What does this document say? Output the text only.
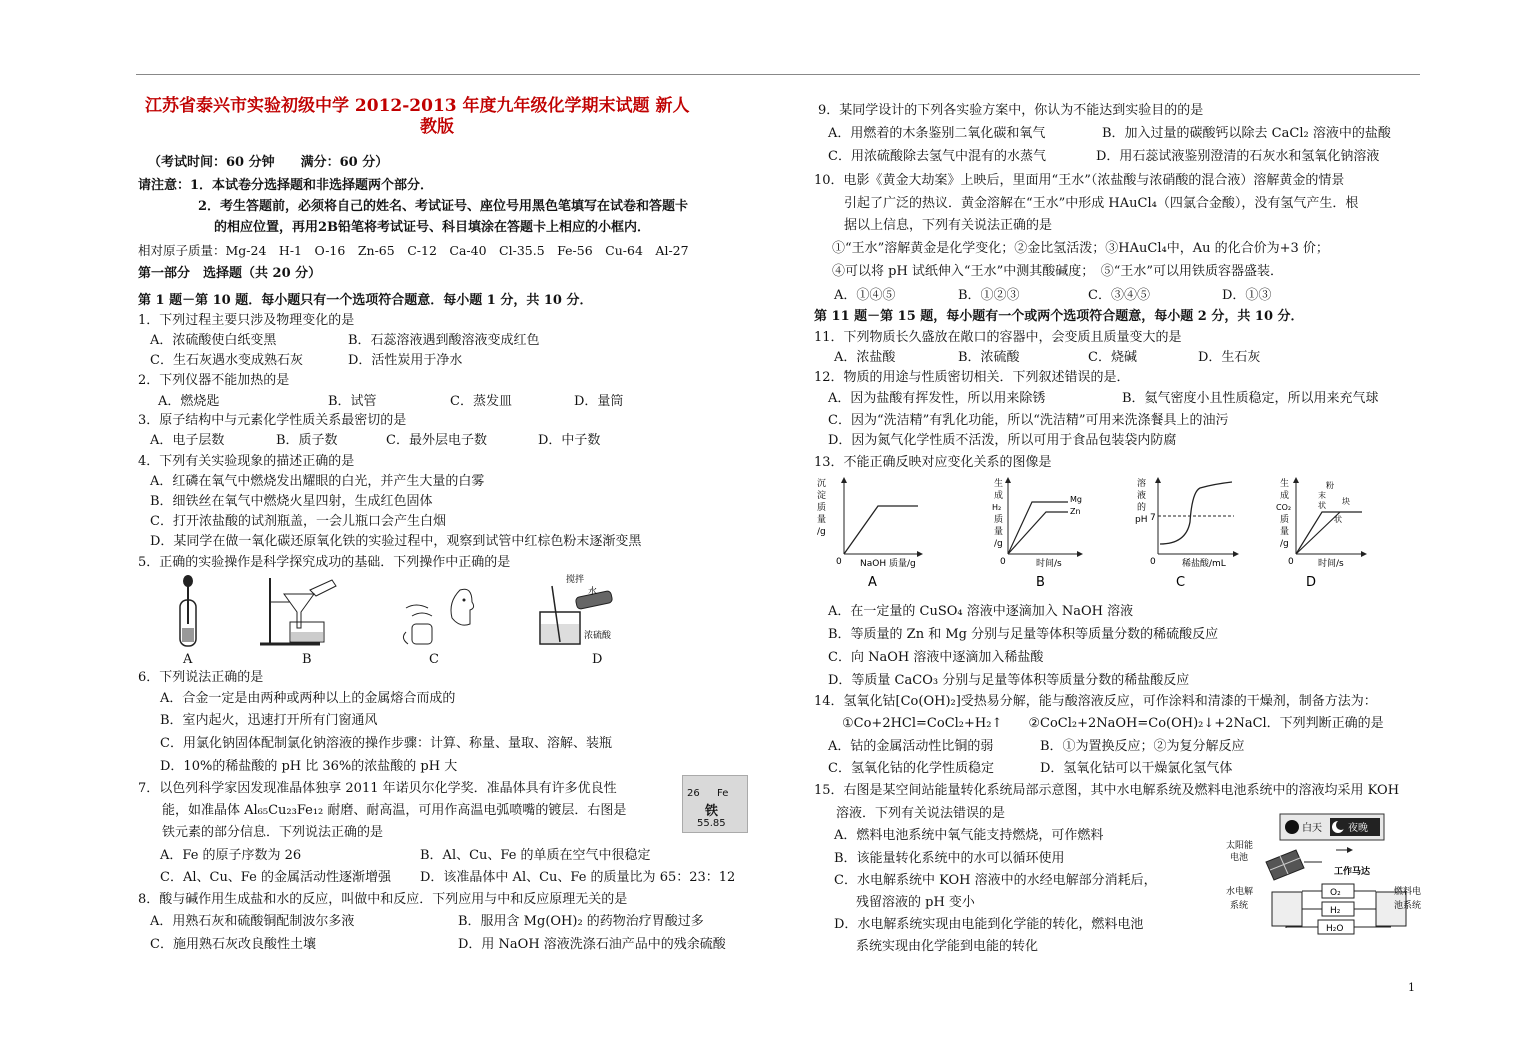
江苏省泰兴市实验初级中学 2012-2013 年度九年级化学期末试题 新人
教版
（考试时间：60 分钟　　满分：60 分）
请注意：1．本试卷分选择题和非选择题两个部分．
2．考生答题前，必须将自己的姓名、考试证号、座位号用黑色笔填写在试卷和答题卡
的相应位置，再用2B铅笔将考试证号、科目填涂在答题卡上相应的小框内．
相对原子质量：Mg-24　H-1　O-16　Zn-65　C-12　Ca-40　Cl-35.5　Fe-56　Cu-64　Al-27
第一部分　选择题（共 20 分）
第 1 题－第 10 题．每小题只有一个选项符合题意．每小题 1 分，共 10 分．
1．下列过程主要只涉及物理变化的是
A．浓硫酸使白纸变黑	B．石蕊溶液遇到酸溶液变成红色
C．生石灰遇水变成熟石灰	D．活性炭用于净水
2．下列仪器不能加热的是
A．燃烧匙	B．试管	C．蒸发皿	D．量筒
3．原子结构中与元素化学性质关系最密切的是
A．电子层数	B．质子数	C．最外层电子数	D．中子数
4．下列有关实验现象的描述正确的是
A．红磷在氧气中燃烧发出耀眼的白光，并产生大量的白雾
B．细铁丝在氧气中燃烧火星四射，生成红色固体
C．打开浓盐酸的试剂瓶盖，一会儿瓶口会产生白烟
D．某同学在做一氧化碳还原氧化铁的实验过程中，观察到试管中红棕色粉末逐渐变黑
5．正确的实验操作是科学探究成功的基础．下列操作中正确的是
搅拌
水
浓硫酸
A	B	C	D
6．下列说法正确的是
A．合金一定是由两种或两种以上的金属熔合而成的
B．室内起火，迅速打开所有门窗通风
C．用氯化钠固体配制氯化钠溶液的操作步骤：计算、称量、量取、溶解、装瓶
D．10%的稀盐酸的 pH 比 36%的浓盐酸的 pH 大
7．以色列科学家因发现准晶体独享 2011 年诺贝尔化学奖．准晶体具有许多优良性
能，如准晶体 Al₆₅Cu₂₃Fe₁₂ 耐磨、耐高温，可用作高温电弧喷嘴的镀层．右图是
铁元素的部分信息．下列说法正确的是
26 Fe
铁
55.85
A．Fe 的原子序数为 26	B．Al、Cu、Fe 的单质在空气中很稳定
C．Al、Cu、Fe 的金属活动性逐渐增强 D．该准晶体中 Al、Cu、Fe 的质量比为 65：23：12
8．酸与碱作用生成盐和水的反应，叫做中和反应．下列应用与中和反应原理无关的是
A．用熟石灰和硫酸铜配制波尔多液	B．服用含 Mg(OH)₂ 的药物治疗胃酸过多
C．施用熟石灰改良酸性土壤	D．用 NaOH 溶液洗涤石油产品中的残余硫酸
9．某同学设计的下列各实验方案中，你认为不能达到实验目的的是
A．用燃着的木条鉴别二氧化碳和氧气	B．加入过量的碳酸钙以除去 CaCl₂ 溶液中的盐酸
C．用浓硫酸除去氢气中混有的水蒸气	D．用石蕊试液鉴别澄清的石灰水和氢氧化钠溶液
10．电影《黄金大劫案》上映后，里面用“王水”（浓盐酸与浓硝酸的混合液）溶解黄金的情景
引起了广泛的热议．黄金溶解在“王水”中形成 HAuCl₄（四氯合金酸），没有氢气产生．根
据以上信息，下列有关说法正确的是
①“王水”溶解黄金是化学变化；②金比氢活泼；③HAuCl₄中，Au 的化合价为+3 价；
④可以将 pH 试纸伸入“王水”中测其酸碱度；　⑤“王水”可以用铁质容器盛装．
A．①④⑤	B．①②③	C．③④⑤	D．①③
第 11 题－第 15 题，每小题有一个或两个选项符合题意，每小题 2 分，共 10 分．
11．下列物质长久盛放在敞口的容器中，会变质且质量变大的是
A．浓盐酸	B．浓硫酸	C．烧碱	D．生石灰
12．物质的用途与性质密切相关．下列叙述错误的是．
A．因为盐酸有挥发性，所以用来除锈	B．氦气密度小且性质稳定，所以用来充气球
C．因为“洗洁精”有乳化功能，所以“洗洁精”可用来洗涤餐具上的油污
D．因为氮气化学性质不活泼，所以可用于食品包装袋内防腐
13．不能正确反映对应变化关系的图像是
沉
淀
质
量
/g
0 NaOH 质量/g
A
Mg
Zn
生
成
H₂
质
量
/g
0	时间/s
B
溶
液
的
pH 7
0	稀盐酸/mL
C
粉
末
状 块
状
生
成
CO₂
质
量
/g
0	时间/s
D
A．在一定量的 CuSO₄ 溶液中逐滴加入 NaOH 溶液
B．等质量的 Zn 和 Mg 分别与足量等体积等质量分数的稀硫酸反应
C．向 NaOH 溶液中逐滴加入稀盐酸
D．等质量 CaCO₃ 分别与足量等体积等质量分数的稀盐酸反应
14．氢氧化钴[Co(OH)₂]受热易分解，能与酸溶液反应，可作涂料和清漆的干燥剂，制备方法为：
①Co+2HCl=CoCl₂+H₂↑　　②CoCl₂+2NaOH=Co(OH)₂↓+2NaCl．下列判断正确的是
A．钴的金属活动性比铜的弱	B．①为置换反应；②为复分解反应
C．氢氧化钴的化学性质稳定	D．氢氧化钴可以干燥氯化氢气体
15．右图是某空间站能量转化系统局部示意图，其中水电解系统及燃料电池系统中的溶液均采用 KOH
溶液．下列有关说法错误的是
A．燃料电池系统中氧气能支持燃烧，可作燃料
B．该能量转化系统中的水可以循环使用
C．水电解系统中 KOH 溶液中的水经电解部分消耗后，
残留溶液的 pH 变小
D．水电解系统实现由电能到化学能的转化，燃料电池
系统实现由化学能到电能的转化
白天	夜晚
太阳能
电池
工作马达
水电解
系统
燃料电
池系统
O₂
H₂
H₂O
1
